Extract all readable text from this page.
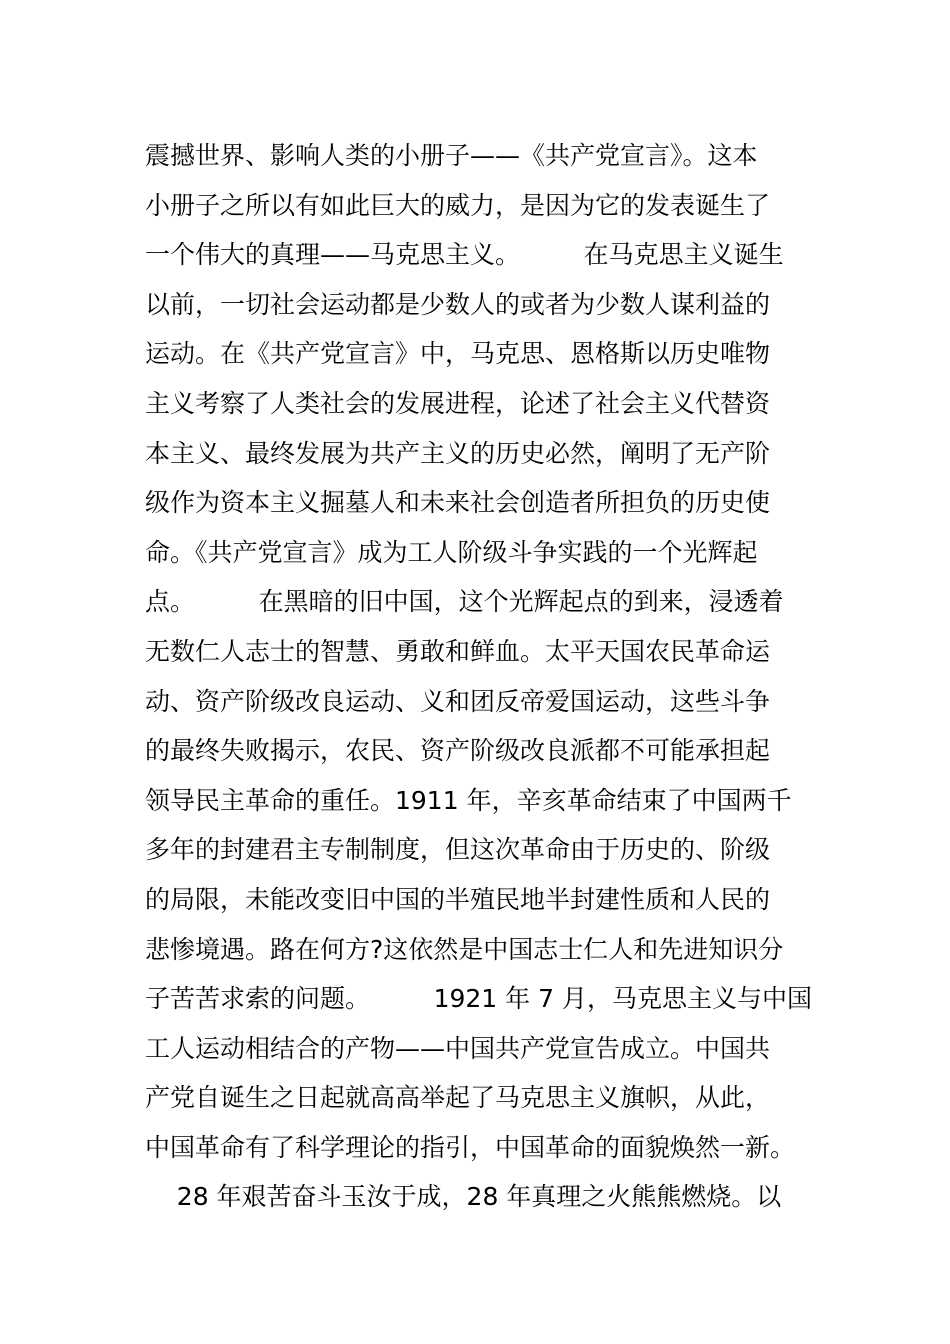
震撼世界、影响人类的小册子——《共产党宣言》。这本
小册子之所以有如此巨大的威力，是因为它的发表诞生了
一个伟大的真理——马克思主义。        在马克思主义诞生
以前，一切社会运动都是少数人的或者为少数人谋利益的
运动。在《共产党宣言》中，马克思、恩格斯以历史唯物
主义考察了人类社会的发展进程，论述了社会主义代替资
本主义、最终发展为共产主义的历史必然，阐明了无产阶
级作为资本主义掘墓人和未来社会创造者所担负的历史使
命。《共产党宣言》成为工人阶级斗争实践的一个光辉起
点。        在黑暗的旧中国，这个光辉起点的到来，浸透着
无数仁人志士的智慧、勇敢和鲜血。太平天国农民革命运
动、资产阶级改良运动、义和团反帝爱国运动，这些斗争
的最终失败揭示，农民、资产阶级改良派都不可能承担起
领导民主革命的重任。1911 年，辛亥革命结束了中国两千
多年的封建君主专制制度，但这次革命由于历史的、阶级
的局限，未能改变旧中国的半殖民地半封建性质和人民的
悲惨境遇。路在何方?这依然是中国志士仁人和先进知识分
子苦苦求索的问题。        1921 年 7 月，马克思主义与中国
工人运动相结合的产物——中国共产党宣告成立。中国共
产党自诞生之日起就高高举起了马克思主义旗帜，从此，
中国革命有了科学理论的指引，中国革命的面貌焕然一新。
28 年艰苦奋斗玉汝于成，28 年真理之火熊熊燃烧。以
